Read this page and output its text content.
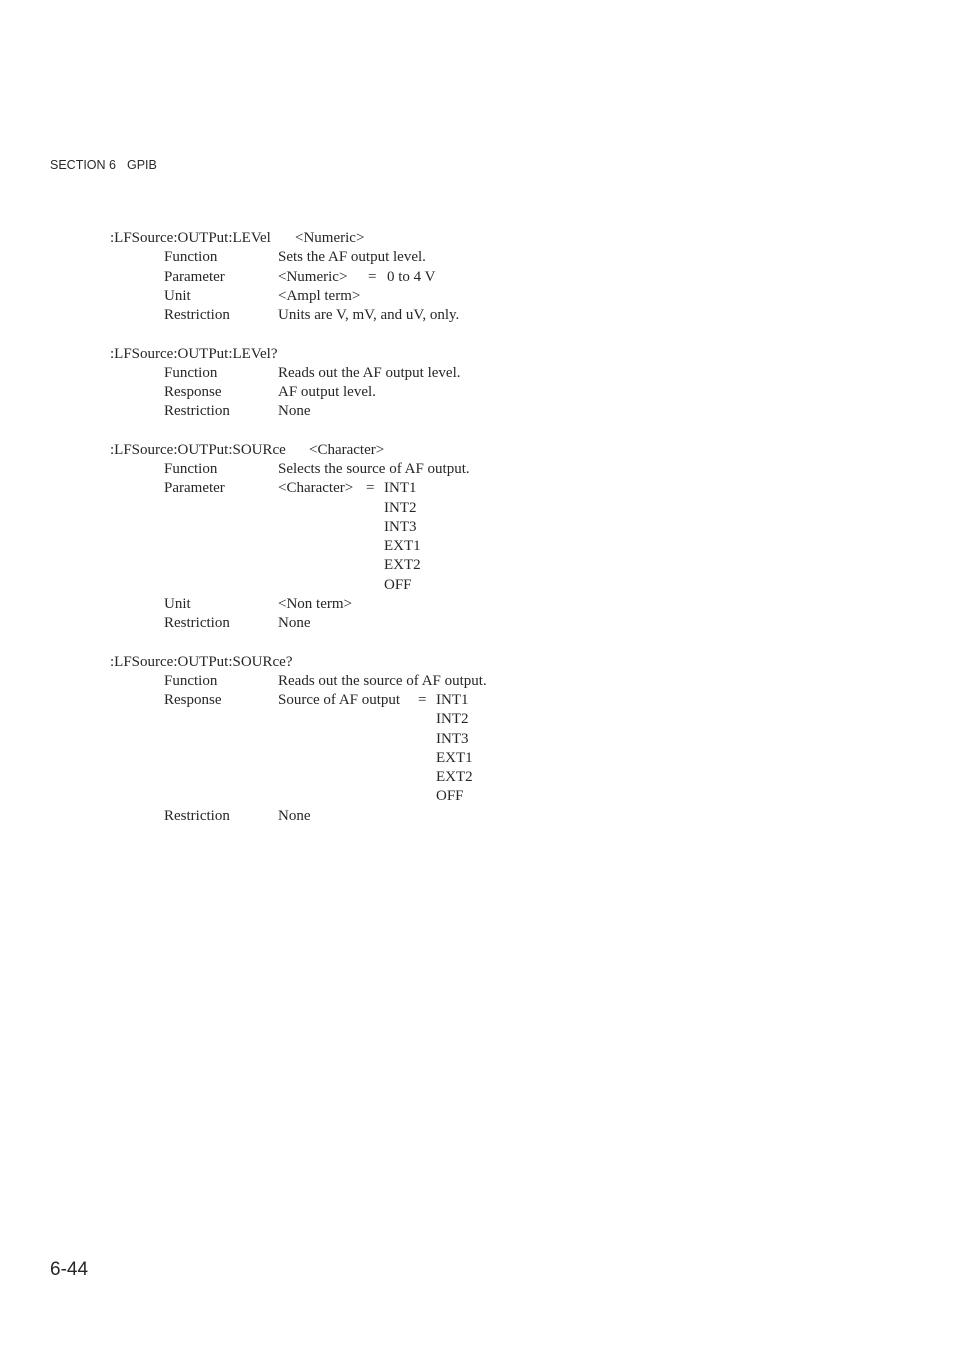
SECTION 6 GPIB
:LFSource:OUTPut:LEVel <Numeric>
Function	Sets the AF output level.
Parameter	<Numeric> = 0 to 4 V
Unit	<Ampl term>
Restriction	Units are V, mV, and uV, only.
:LFSource:OUTPut:LEVel?
Function	Reads out the AF output level.
Response	AF output level.
Restriction	None
:LFSource:OUTPut:SOURce <Character>
Function	Selects the source of AF output.
Parameter	<Character> = INT1
INT2
INT3
EXT1
EXT2
OFF
Unit	<Non term>
Restriction	None
:LFSource:OUTPut:SOURce?
Function	Reads out the source of AF output.
Response	Source of AF output = INT1
INT2
INT3
EXT1
EXT2
OFF
Restriction	None
6-44
